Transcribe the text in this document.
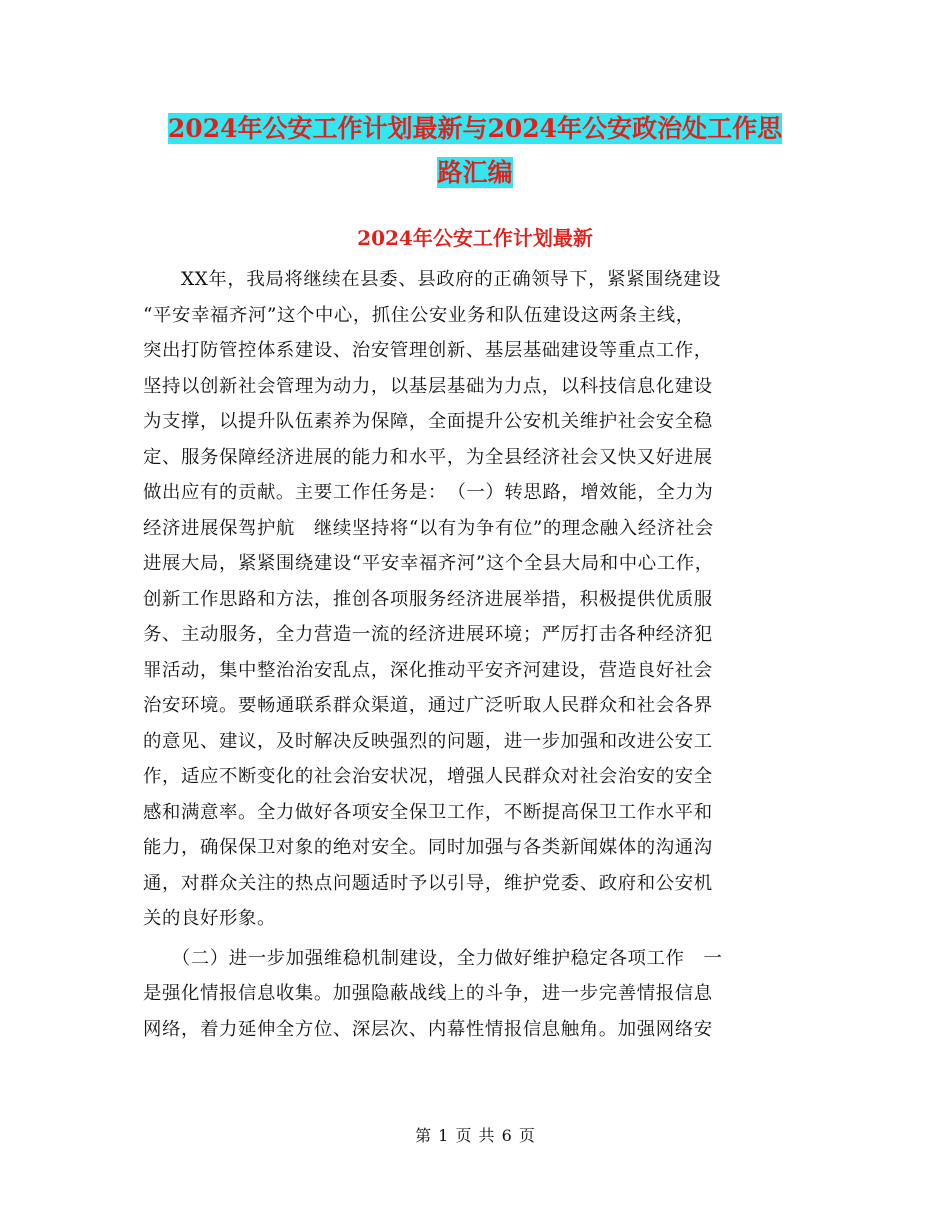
2024年公安工作计划最新与2024年公安政治处工作思
路汇编
2024年公安工作计划最新
　　XX年，我局将继续在县委、县政府的正确领导下，紧紧围绕建设
“平安幸福齐河”这个中心，抓住公安业务和队伍建设这两条主线，
突出打防管控体系建设、治安管理创新、基层基础建设等重点工作，
坚持以创新社会管理为动力，以基层基础为力点，以科技信息化建设
为支撑，以提升队伍素养为保障，全面提升公安机关维护社会安全稳
定、服务保障经济进展的能力和水平，为全县经济社会又快又好进展
做出应有的贡献。主要工作任务是：　（一）转思路，增效能，全力为
经济进展保驾护航　继续坚持将“以有为争有位”的理念融入经济社会
进展大局，紧紧围绕建设“平安幸福齐河”这个全县大局和中心工作，
创新工作思路和方法，推创各项服务经济进展举措，积极提供优质服
务、主动服务，全力营造一流的经济进展环境；严厉打击各种经济犯
罪活动，集中整治治安乱点，深化推动平安齐河建设，营造良好社会
治安环境。要畅通联系群众渠道，通过广泛听取人民群众和社会各界
的意见、建议，及时解决反映强烈的问题，进一步加强和改进公安工
作，适应不断变化的社会治安状况，增强人民群众对社会治安的安全
感和满意率。全力做好各项安全保卫工作，不断提高保卫工作水平和
能力，确保保卫对象的绝对安全。同时加强与各类新闻媒体的沟通沟
通，对群众关注的热点问题适时予以引导，维护党委、政府和公安机
关的良好形象。
　　（二）进一步加强维稳机制建设，全力做好维护稳定各项工作　一
是强化情报信息收集。加强隐蔽战线上的斗争，进一步完善情报信息
网络，着力延伸全方位、深层次、内幕性情报信息触角。加强网络安
第 1 页 共 6 页
